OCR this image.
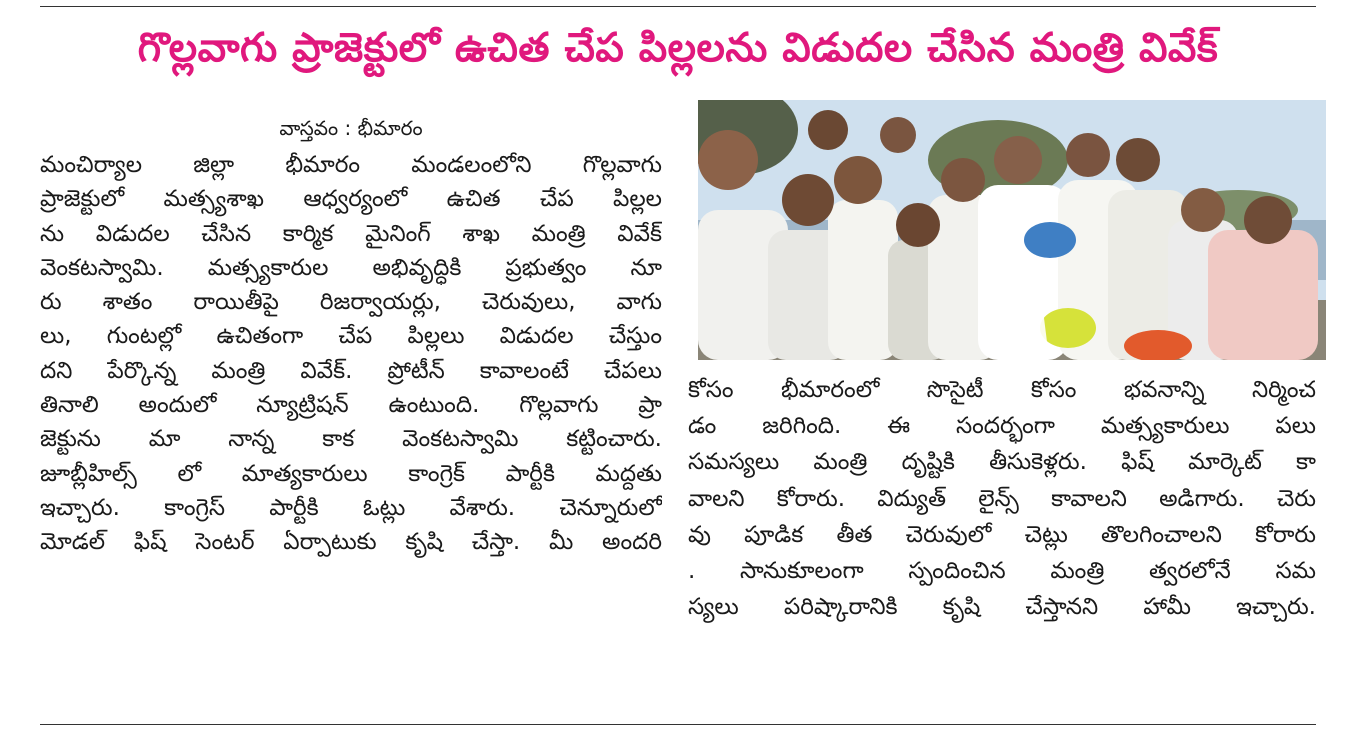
గొల్లవాగు ప్రాజెక్టులో ఉచిత చేప పిల్లలను విడుదల చేసిన మంత్రి వివేక్
వాస్తవం : భీమారం
మంచిర్యాల జిల్లా భీమారం మండలంలోని గొల్లవాగు
ప్రాజెక్టులో మత్స్యశాఖ ఆధ్వర్యంలో ఉచిత చేప పిల్లల
ను విడుదల చేసిన కార్మిక మైనింగ్ శాఖ మంత్రి వివేక్
వెంకటస్వామి. మత్స్యకారుల అభివృద్ధికి ప్రభుత్వం నూ
రు శాతం రాయితీపై రిజర్వాయర్లు, చెరువులు, వాగు
లు, గుంటల్లో ఉచితంగా చేప పిల్లలు విడుదల చేస్తుం
దని పేర్కొన్న మంత్రి వివేక్. ప్రోటీన్ కావాలంటే చేపలు
తినాలి అందులో న్యూట్రిషన్ ఉంటుంది. గొల్లవాగు ప్రా
జెక్టును మా నాన్న కాక వెంకటస్వామి కట్టించారు.
జూబ్లీహిల్స్ లో మాత్యకారులు కాంగ్రెక్ పార్టీకి మద్దతు
ఇచ్చారు. కాంగ్రెస్ పార్టీకి ఓట్లు వేశారు. చెన్నూరులో
మోడల్ ఫిష్ సెంటర్ ఏర్పాటుకు కృషి చేస్తా. మీ అందరి
కోసం భీమారంలో సొసైటీ కోసం భవనాన్ని నిర్మించ
డం జరిగింది. ఈ సందర్భంగా మత్స్యకారులు పలు
సమస్యలు మంత్రి దృష్టికి తీసుకెళ్లరు. ఫిష్ మార్కెట్ కా
వాలని కోరారు. విద్యుత్ లైన్స్ కావాలని అడిగారు. చెరు
వు పూడిక తీత చెరువులో చెట్లు తొలగించాలని కోరారు
. సానుకూలంగా స్పందించిన మంత్రి త్వరలోనే సమ
స్యలు పరిష్కారానికి కృషి చేస్తానని హామీ ఇచ్చారు.
